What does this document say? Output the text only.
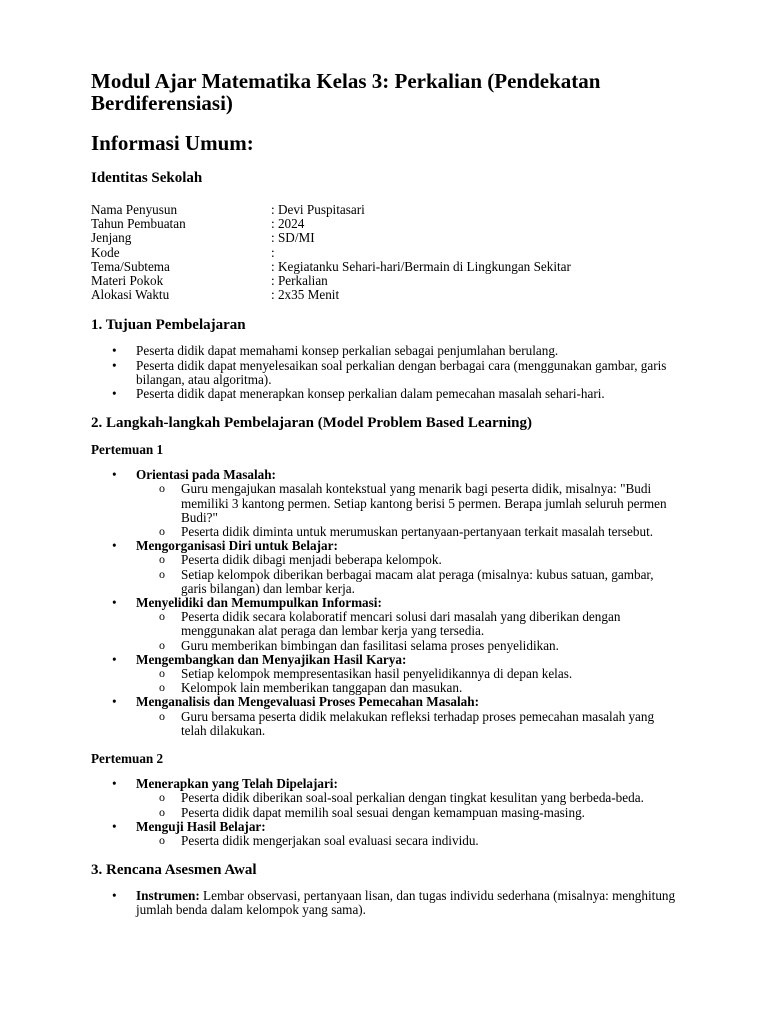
Modul Ajar Matematika Kelas 3: Perkalian (Pendekatan Berdiferensiasi)
Informasi Umum:
Identitas Sekolah
Nama Penyusun	: Devi Puspitasari
Tahun Pembuatan	: 2024
Jenjang	: SD/MI
Kode	:
Tema/Subtema	: Kegiatanku Sehari-hari/Bermain di Lingkungan Sekitar
Materi Pokok	: Perkalian
Alokasi Waktu	: 2x35 Menit
1. Tujuan Pembelajaran
• Peserta didik dapat memahami konsep perkalian sebagai penjumlahan berulang.
• Peserta didik dapat menyelesaikan soal perkalian dengan berbagai cara (menggunakan gambar, garis bilangan, atau algoritma).
• Peserta didik dapat menerapkan konsep perkalian dalam pemecahan masalah sehari-hari.
2. Langkah-langkah Pembelajaran (Model Problem Based Learning)
Pertemuan 1
• Orientasi pada Masalah:
o Guru mengajukan masalah kontekstual yang menarik bagi peserta didik, misalnya: "Budi memiliki 3 kantong permen. Setiap kantong berisi 5 permen. Berapa jumlah seluruh permen Budi?"
o Peserta didik diminta untuk merumuskan pertanyaan-pertanyaan terkait masalah tersebut.
• Mengorganisasi Diri untuk Belajar:
o Peserta didik dibagi menjadi beberapa kelompok.
o Setiap kelompok diberikan berbagai macam alat peraga (misalnya: kubus satuan, gambar, garis bilangan) dan lembar kerja.
• Menyelidiki dan Memumpulkan Informasi:
o Peserta didik secara kolaboratif mencari solusi dari masalah yang diberikan dengan menggunakan alat peraga dan lembar kerja yang tersedia.
o Guru memberikan bimbingan dan fasilitasi selama proses penyelidikan.
• Mengembangkan dan Menyajikan Hasil Karya:
o Setiap kelompok mempresentasikan hasil penyelidikannya di depan kelas.
o Kelompok lain memberikan tanggapan dan masukan.
• Menganalisis dan Mengevaluasi Proses Pemecahan Masalah:
o Guru bersama peserta didik melakukan refleksi terhadap proses pemecahan masalah yang telah dilakukan.
Pertemuan 2
• Menerapkan yang Telah Dipelajari:
o Peserta didik diberikan soal-soal perkalian dengan tingkat kesulitan yang berbeda-beda.
o Peserta didik dapat memilih soal sesuai dengan kemampuan masing-masing.
• Menguji Hasil Belajar:
o Peserta didik mengerjakan soal evaluasi secara individu.
3. Rencana Asesmen Awal
• Instrumen: Lembar observasi, pertanyaan lisan, dan tugas individu sederhana (misalnya: menghitung jumlah benda dalam kelompok yang sama).
